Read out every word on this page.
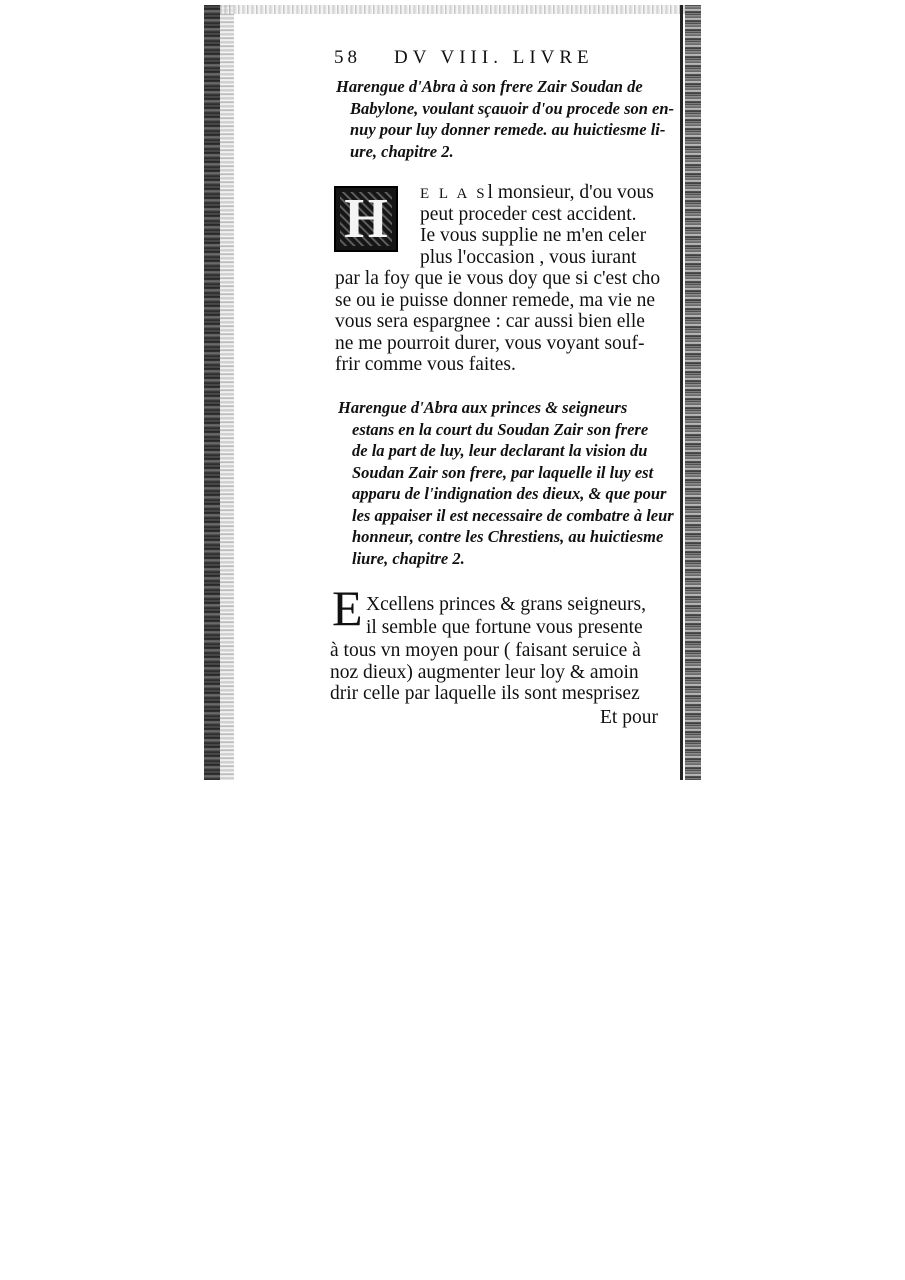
58 DV VIII. LIVRE
Harengue d'Abra à son frere Zair Soudan de
Babylone, voulant sçauoir d'ou procede son en-
nuy pour luy donner remede. au huictiesme li-
ure, chapitre 2.
H	E L A Sl monsieur, d'ou vous
peut proceder cest accident.
Ie vous supplie ne m'en celer
plus l'occasion , vous iurant
par la foy que ie vous doy que si c'est cho
se ou ie puisse donner remede, ma vie ne
vous sera espargnee : car aussi bien elle
ne me pourroit durer, vous voyant souf-
frir comme vous faites.
Harengue d'Abra aux princes & seigneurs
estans en la court du Soudan Zair son frere
de la part de luy, leur declarant la vision du
Soudan Zair son frere, par laquelle il luy est
apparu de l'indignation des dieux, & que pour
les appaiser il est necessaire de combatre à leur
honneur, contre les Chrestiens, au huictiesme
liure, chapitre 2.
E Xcellens princes & grans seigneurs,
il semble que fortune vous presente
à tous vn moyen pour ( faisant seruice à
noz dieux) augmenter leur loy & amoin
drir celle par laquelle ils sont mesprisez
Et pour
